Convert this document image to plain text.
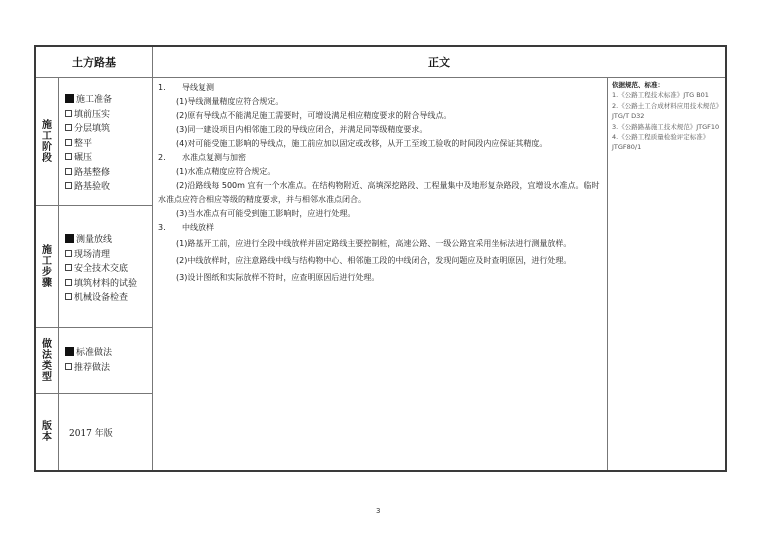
土方路基	正文
施工阶段
施工准备
填前压实
分层填筑
整平
碾压
路基整修
路基验收
施工步骤
测量放线
现场清理
安全技术交底
填筑材料的试验
机械设备检查
做法类型
标准做法
推荐做法
版本	2017 年版
1. 导线复测
(1)导线测量精度应符合规定。
(2)原有导线点不能满足施工需要时，可增设满足相应精度要求的附合导线点。
(3)同一建设项目内相邻施工段的导线应闭合，并满足同等级精度要求。
(4)对可能受施工影响的导线点，施工前应加以固定或改移，从开工至竣工验收的时间段内应保证其精度。
2. 水准点复测与加密
(1)水准点精度应符合规定。
(2)沿路线每 500m 宜有一个水准点。在结构物附近、高填深挖路段、工程量集中及地形复杂路段，宜增设水准点。临时水准点应符合相应等级的精度要求，并与相邻水准点闭合。
(3)当水准点有可能受到施工影响时，应进行处理。
3. 中线放样
(1)路基开工前，应进行全段中线放样并固定路线主要控制桩，高速公路、一级公路宜采用坐标法进行测量放样。
(2)中线放样时，应注意路线中线与结构物中心、相邻施工段的中线闭合，发现问题应及时查明原因，进行处理。
(3)设计图纸和实际放样不符时，应查明原因后进行处理。
依据规范、标准：
1.《公路工程技术标准》JTG B01
2.《公路土工合成材料应用技术规范》JTG/T D32
3.《公路路基施工技术规范》JTGF10
4.《公路工程质量检验评定标准》JTGF80/1
3
